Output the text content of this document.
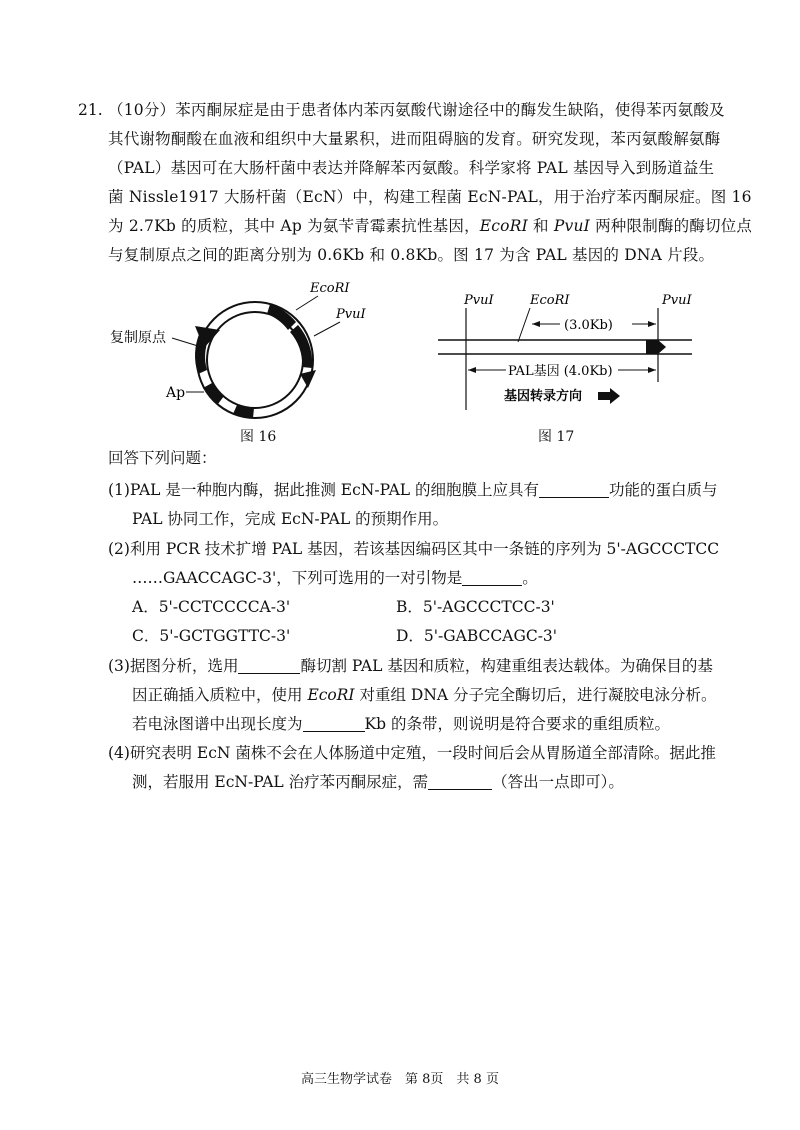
21. （10分）苯丙酮尿症是由于患者体内苯丙氨酸代谢途径中的酶发生缺陷，使得苯丙氨酸及
其代谢物酮酸在血液和组织中大量累积，进而阻碍脑的发育。研究发现，苯丙氨酸解氨酶
（PAL）基因可在大肠杆菌中表达并降解苯丙氨酸。科学家将 PAL 基因导入到肠道益生
菌 Nissle1917 大肠杆菌（EcN）中，构建工程菌 EcN-PAL，用于治疗苯丙酮尿症。图 16
为 2.7Kb 的质粒，其中 Ap 为氨苄青霉素抗性基因，EcoRI 和 PvuI 两种限制酶的酶切位点
与复制原点之间的距离分别为 0.6Kb 和 0.8Kb。图 17 为含 PAL 基因的 DNA 片段。
EcoRI
PvuI
复制原点
Ap
图 16
PvuI	EcoRI	PvuI
(3.0Kb)
PAL基因 (4.0Kb)
基因转录方向
图 17
回答下列问题：
(1)PAL 是一种胞内酶，据此推测 EcN-PAL 的细胞膜上应具有	功能的蛋白质与
PAL 协同工作，完成 EcN-PAL 的预期作用。
(2)利用 PCR 技术扩增 PAL 基因，若该基因编码区其中一条链的序列为 5'-AGCCCTCC
……GAACCAGC-3'，下列可选用的一对引物是	。
A．5'-CCTCCCCA-3'	B．5'-AGCCCTCC-3'
C．5'-GCTGGTTC-3'	D．5'-GABCCAGC-3'
(3)据图分析，选用	酶切割 PAL 基因和质粒，构建重组表达载体。为确保目的基
因正确插入质粒中，使用 EcoRI 对重组 DNA 分子完全酶切后，进行凝胶电泳分析。
若电泳图谱中出现长度为	Kb 的条带，则说明是符合要求的重组质粒。
(4)研究表明 EcN 菌株不会在人体肠道中定殖，一段时间后会从胃肠道全部清除。据此推
测，若服用 EcN-PAL 治疗苯丙酮尿症，需	（答出一点即可）。
高三生物学试卷　第 8页　共 8 页
